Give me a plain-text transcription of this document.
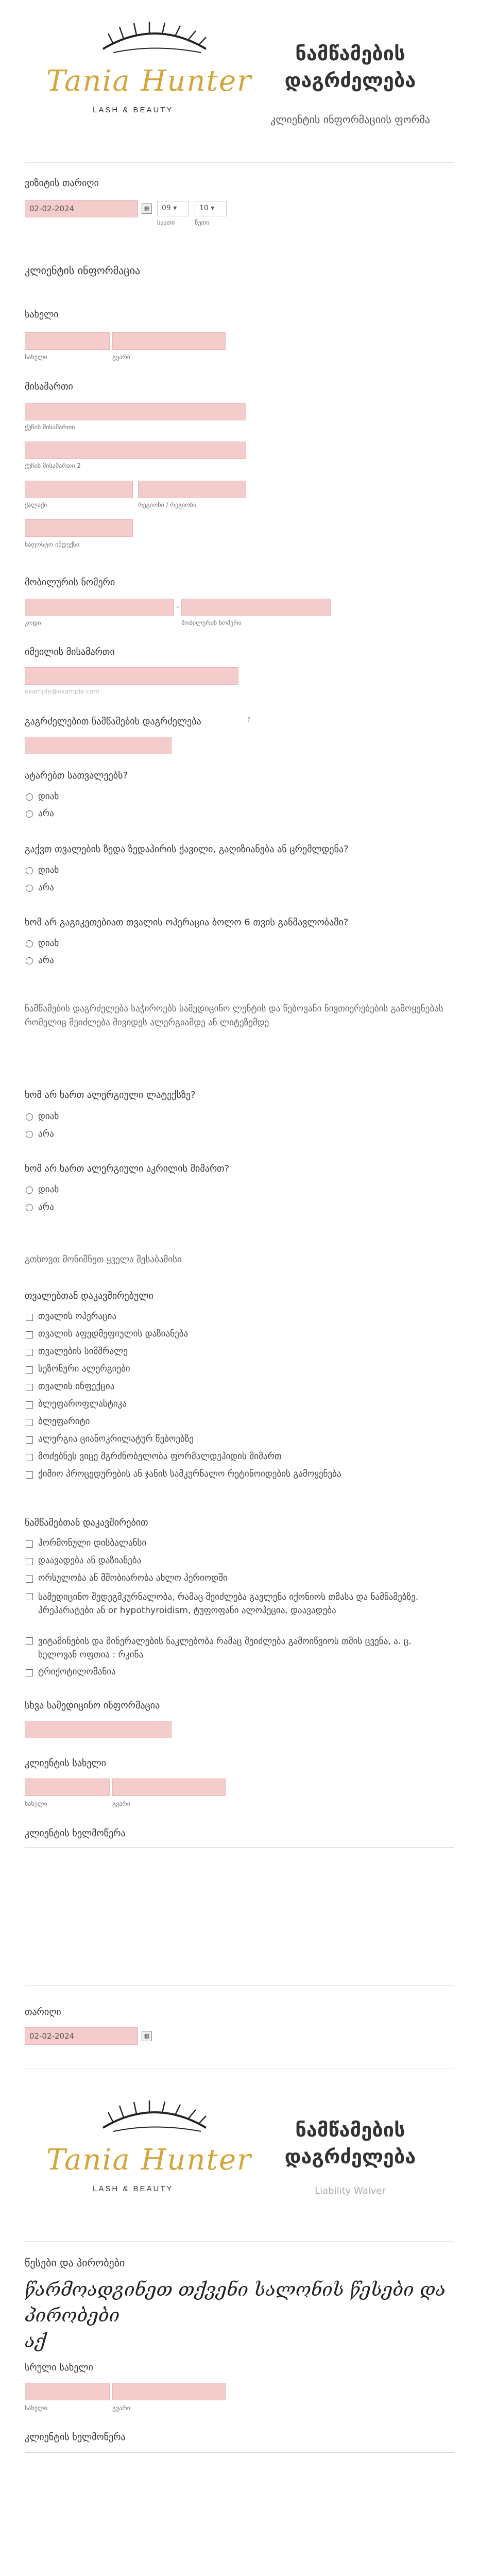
Tania Hunter
LASH & BEAUTY
ნამწამების
დაგრძელება
კლიენტის ინფორმაციის ფორმა
ვიზიტის თარიღი
02-02-2024	▦	09 ▾	10 ▾
საათი	წუთი
კლიენტის ინფორმაცია
სახელი
სახელი	გვარი
მისამართი
ქუჩის მისამართი
ქუჩის მისამართი 2
ქალაქი	რეგიონი / რეგიონი
საფოსტო ინდექსი
მობილურის ნომერი
-
კოდი	მობილურის ნომერი
იმეილის მისამართი
example@example.com
გაგრძელებით ნამწამების დაგრძელება	?
ატარებთ სათვალეებს?
დიახ
არა
გაქვთ თვალების ზედა ზედაპირის ქავილი, გაღიზიანება ან ცრემლდენა?
დიახ
არა
ხომ არ გაგიკეთებიათ თვალის ოპერაცია ბოლო 6 თვის განმავლობაში?
დიახ
არა
ნამწამების დაგრძელება საჭიროებს სამედიცინო ლენტის და წებოვანი ნივთიერებების გამოყენებას რომელიც შეიძლება მივიდეს ალერგიამდე ან ლიტეზემდე
ხომ არ ხართ ალერგიული ლატექსზე?
დიახ
არა
ხომ არ ხართ ალერგიული აკრილის მიმართ?
დიახ
არა
გთხოვთ მონიშნეთ ყველა შესაბამისი
თვალებთან დაკავშირებული
თვალის ოპერაცია
თვალის აფედმეფიულის დაზიანება
თვალების სიმშრალე
სეზონური ალერგიები
თვალის ინფექცია
ბლეფაროფლასტიკა
ბლეფარიტი
ალერგია ციანოკრილატურ წებოებზე
მოძებნეს ვიცე მგრძნობელობა ფორმალდეჰიდის მიმართ
ქიმიო პროცედურების ან ჯანის სამკურნალო რეტინოიდების გამოყენება
ნამწამებთან დაკავშირებით
ჰორმონული დისბალანსი
დაავადება ან დაზიანება
ორსულობა ან მშობიარობა ახლო პერიოდში
სამედიცინო შედეგმკურნალობა, რამაც შეიძლება გავლენა იქონიოს თმასა და ნამწამებზე. პრეპარატები ან or hypothyroidism, ტუფოფანი ალოპეცია, დაავადება
ვიტამინების და მინერალების ნაკლებობა რამაც შეიძლება გამოიწვიოს თმის ცვენა, ა. ც. ხელოვან ოფთია : რკინა
ტრიქოტილომანია
სხვა სამედიცინო ინფორმაცია
კლიენტის სახელი
სახელი	გვარი
კლიენტის ხელმოწერა
თარიღი
02-02-2024	▦
Tania Hunter
LASH & BEAUTY
ნამწამების
დაგრძელება
Liability Waiver
წესები და პირობები
წარმოადგინეთ თქვენი სალონის წესები და პირობები
აქ
სრული სახელი
სახელი	გვარი
კლიენტის ხელმოწერა
